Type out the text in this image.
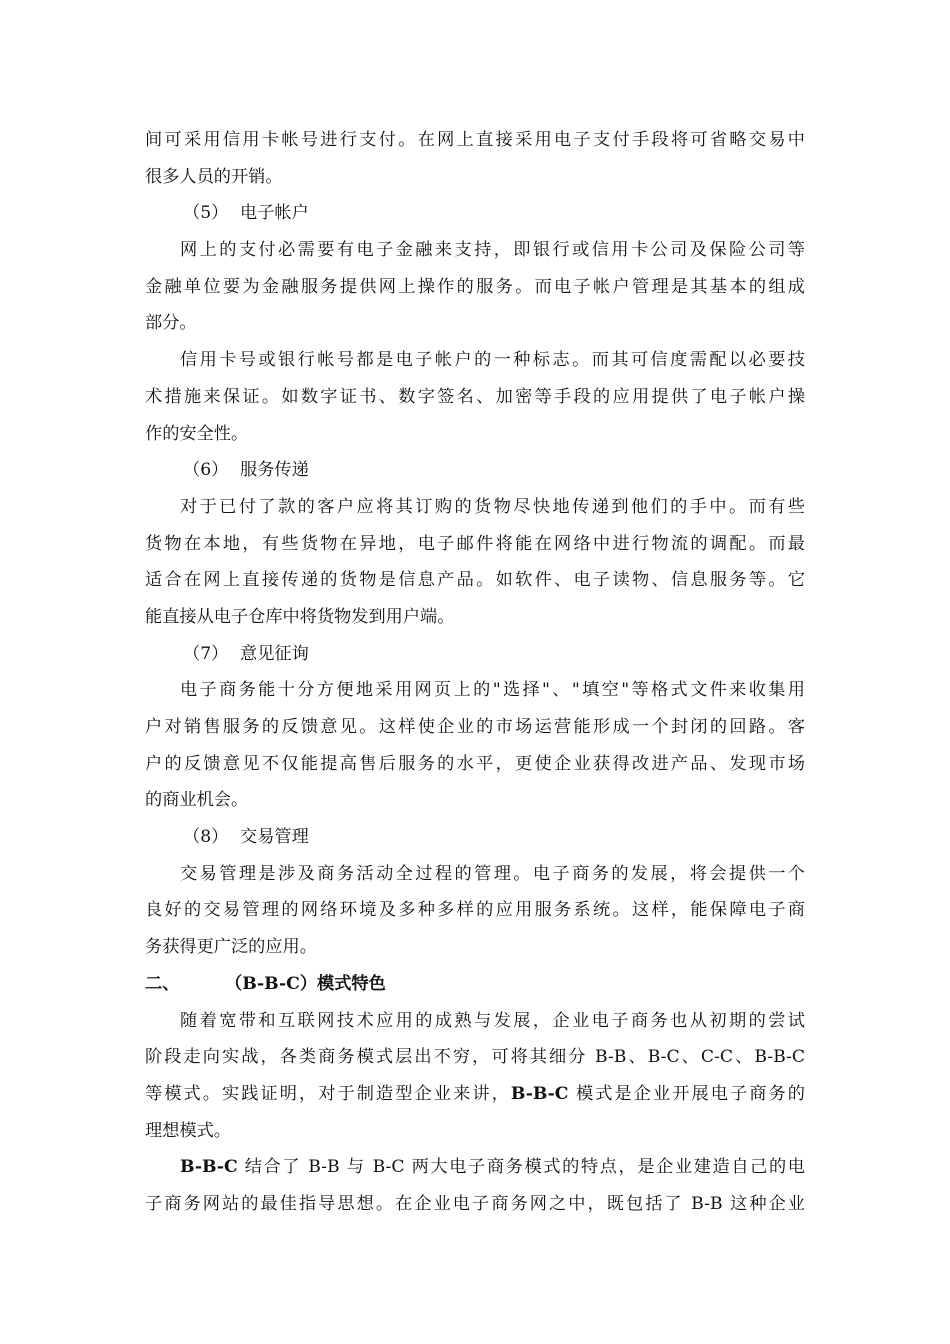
间可采用信用卡帐号进行支付。在网上直接采用电子支付手段将可省略交易中
很多人员的开销。
（5） 电子帐户
网上的支付必需要有电子金融来支持，即银行或信用卡公司及保险公司等
金融单位要为金融服务提供网上操作的服务。而电子帐户管理是其基本的组成
部分。
信用卡号或银行帐号都是电子帐户的一种标志。而其可信度需配以必要技
术措施来保证。如数字证书、数字签名、加密等手段的应用提供了电子帐户操
作的安全性。
（6） 服务传递
对于已付了款的客户应将其订购的货物尽快地传递到他们的手中。而有些
货物在本地，有些货物在异地，电子邮件将能在网络中进行物流的调配。而最
适合在网上直接传递的货物是信息产品。如软件、电子读物、信息服务等。它
能直接从电子仓库中将货物发到用户端。
（7） 意见征询
电子商务能十分方便地采用网页上的"选择"、"填空"等格式文件来收集用
户对销售服务的反馈意见。这样使企业的市场运营能形成一个封闭的回路。客
户的反馈意见不仅能提高售后服务的水平，更使企业获得改进产品、发现市场
的商业机会。
（8） 交易管理
交易管理是涉及商务活动全过程的管理。电子商务的发展，将会提供一个
良好的交易管理的网络环境及多种多样的应用服务系统。这样，能保障电子商
务获得更广泛的应用。
二、	（B-B-C）模式特色
随着宽带和互联网技术应用的成熟与发展，企业电子商务也从初期的尝试
阶段走向实战，各类商务模式层出不穷，可将其细分 B-B、B-C、C-C、B-B-C
等模式。实践证明，对于制造型企业来讲，B-B-C 模式是企业开展电子商务的
理想模式。
B-B-C 结合了 B-B 与 B-C 两大电子商务模式的特点，是企业建造自己的电
子商务网站的最佳指导思想。在企业电子商务网之中，既包括了 B-B 这种企业
